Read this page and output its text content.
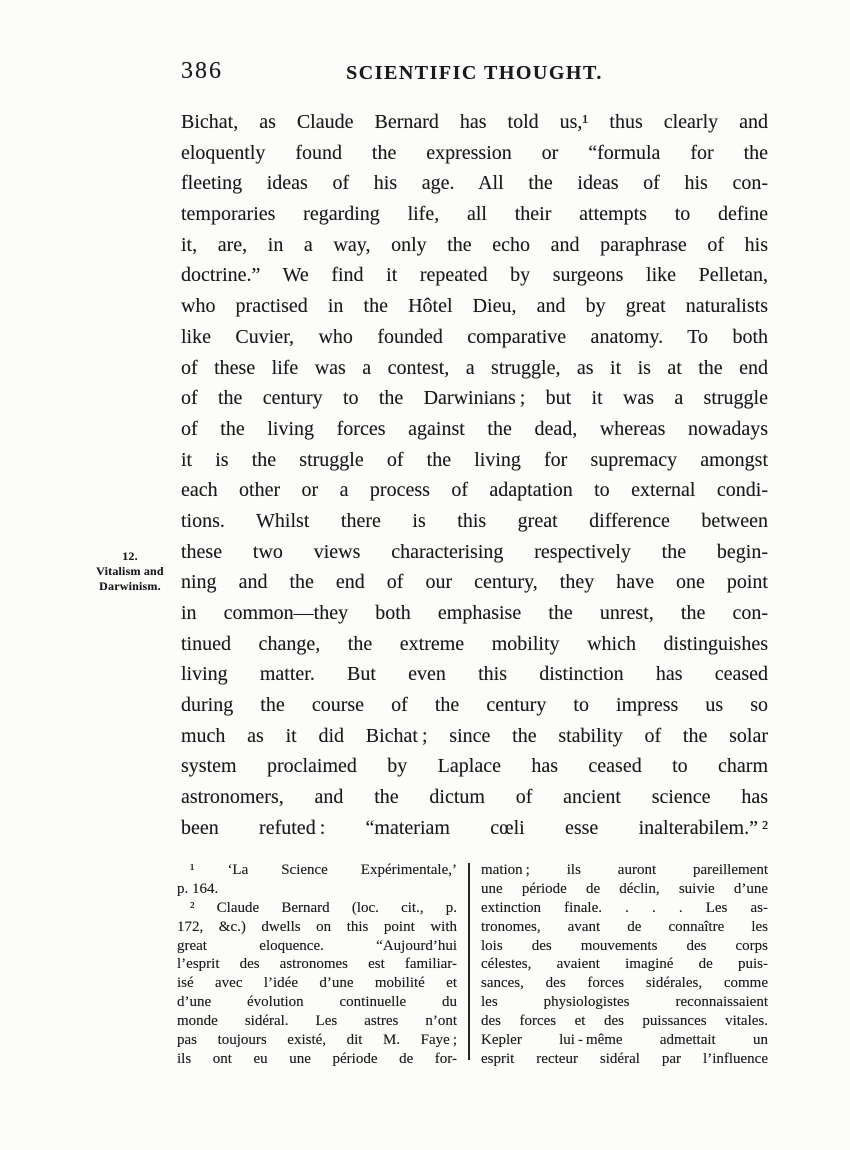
386	SCIENTIFIC THOUGHT.
12.
Vitalism and
Darwinism.
Bichat, as Claude Bernard has told us,¹ thus clearly and
eloquently found the expression or “formula for the
fleeting ideas of his age. All the ideas of his con-
temporaries regarding life, all their attempts to define
it, are, in a way, only the echo and paraphrase of his
doctrine.” We find it repeated by surgeons like Pelletan,
who practised in the Hôtel Dieu, and by great naturalists
like Cuvier, who founded comparative anatomy. To both
of these life was a contest, a struggle, as it is at the end
of the century to the Darwinians ; but it was a struggle
of the living forces against the dead, whereas nowadays
it is the struggle of the living for supremacy amongst
each other or a process of adaptation to external condi-
tions. Whilst there is this great difference between
these two views characterising respectively the begin-
ning and the end of our century, they have one point
in common—they both emphasise the unrest, the con-
tinued change, the extreme mobility which distinguishes
living matter. But even this distinction has ceased
during the course of the century to impress us so
much as it did Bichat ; since the stability of the solar
system proclaimed by Laplace has ceased to charm
astronomers, and the dictum of ancient science has
been refuted : “materiam cœli esse inalterabilem.” ²
¹ ‘La Science Expérimentale,’
p. 164.
² Claude Bernard (loc. cit., p.
172, &c.) dwells on this point with
great eloquence. “Aujourd’hui
l’esprit des astronomes est familiar-
isé avec l’idée d’une mobilité et
d’une évolution continuelle du
monde sidéral. Les astres n’ont
pas toujours existé, dit M. Faye ;
ils ont eu une période de for-
mation ; ils auront pareillement
une période de déclin, suivie d’une
extinction finale. . . . Les as-
tronomes, avant de connaître les
lois des mouvements des corps
célestes, avaient imaginé de puis-
sances, des forces sidérales, comme
les physiologistes reconnaissaient
des forces et des puissances vitales.
Kepler lui - même admettait un
esprit recteur sidéral par l’influence
